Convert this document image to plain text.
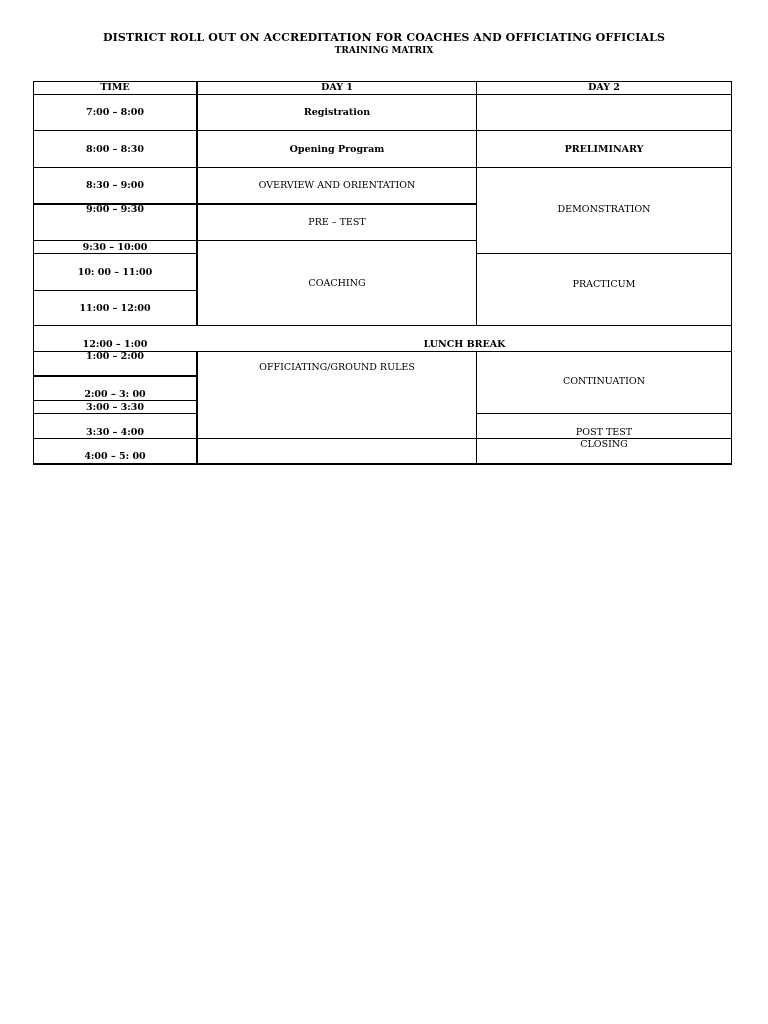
DISTRICT ROLL OUT ON ACCREDITATION FOR COACHES AND OFFICIATING OFFICIALS
TRAINING MATRIX
TIME	DAY 1	DAY 2
7:00 – 8:00
8:00 – 8:30
8:30 – 9:00
9:00 – 9:30
9:30 – 10:00
10: 00 – 11:00
11:00 – 12:00
12:00 – 1:00
1:00 – 2:00
2:00 – 3: 00
3:00 – 3:30
3:30 – 4:00
4:00 – 5: 00
Registration
Opening Program
OVERVIEW AND ORIENTATION
PRE – TEST
COACHING
OFFICIATING/GROUND RULES
LUNCH BREAK
PRELIMINARY
DEMONSTRATION
PRACTICUM
CONTINUATION
POST TEST
CLOSING
